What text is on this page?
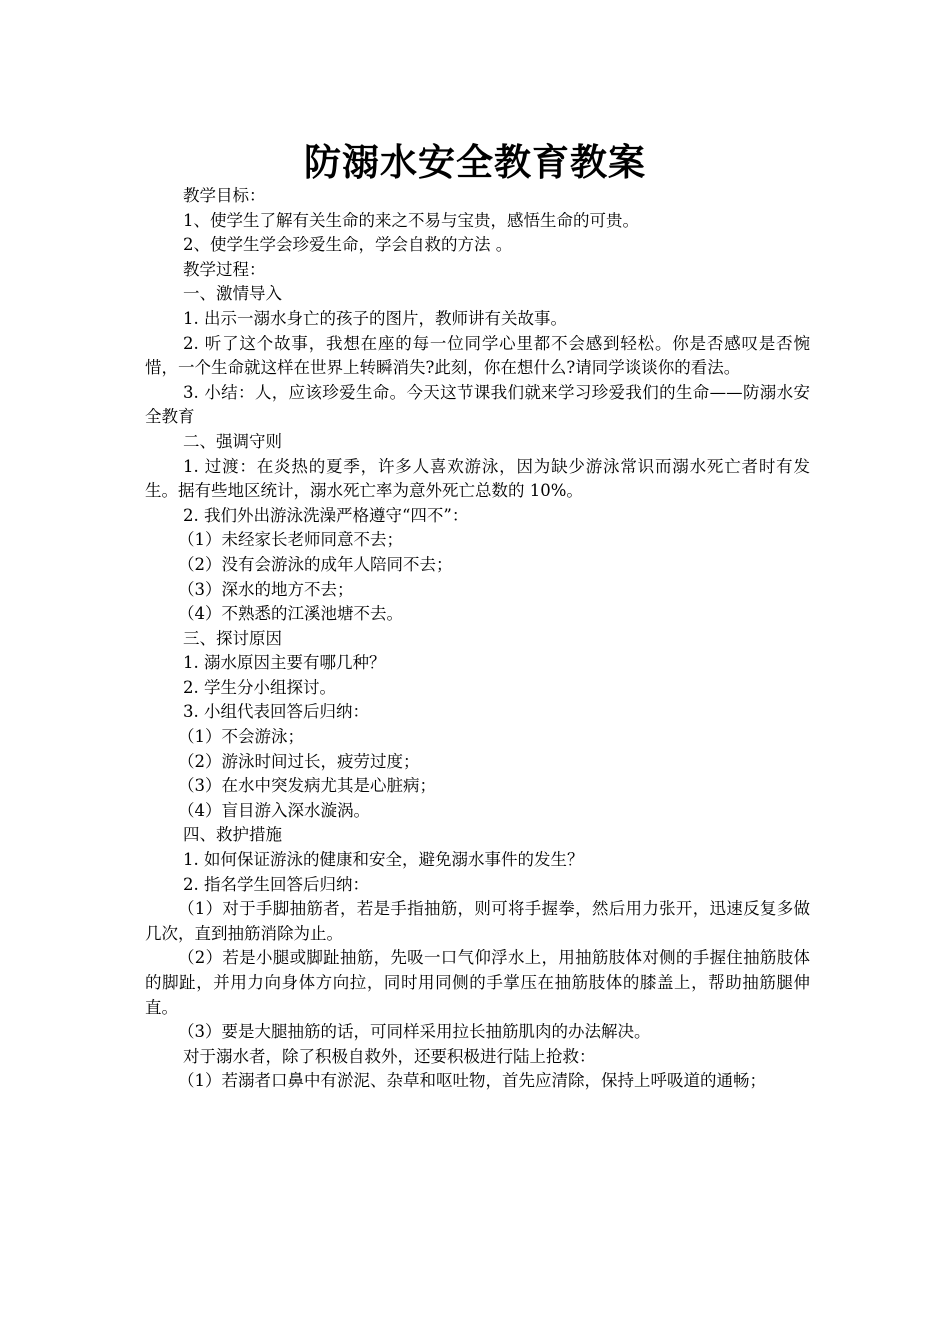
防溺水安全教育教案

教学目标：

1、使学生了解有关生命的来之不易与宝贵，感悟生命的可贵。

2、使学生学会珍爱生命，学会自救的方法 。

教学过程：

一、激情导入

1. 出示一溺水身亡的孩子的图片，教师讲有关故事。

2. 听了这个故事，我想在座的每一位同学心里都不会感到轻松。你是否感叹是否惋惜，一个生命就这样在世界上转瞬消失?此刻，你在想什么?请同学谈谈你的看法。

3. 小结：人，应该珍爱生命。今天这节课我们就来学习珍爱我们的生命——防溺水安全教育

二、强调守则

1. 过渡：在炎热的夏季，许多人喜欢游泳，因为缺少游泳常识而溺水死亡者时有发生。据有些地区统计，溺水死亡率为意外死亡总数的 10%。

2. 我们外出游泳洗澡严格遵守“四不”：

（1）未经家长老师同意不去；

（2）没有会游泳的成年人陪同不去；

（3）深水的地方不去；

（4）不熟悉的江溪池塘不去。

三、探讨原因

1. 溺水原因主要有哪几种？

2. 学生分小组探讨。

3. 小组代表回答后归纳：

（1）不会游泳；

（2）游泳时间过长，疲劳过度；

（3）在水中突发病尤其是心脏病；

（4）盲目游入深水漩涡。

四、救护措施

1. 如何保证游泳的健康和安全，避免溺水事件的发生？

2. 指名学生回答后归纳：

（1）对于手脚抽筋者，若是手指抽筋，则可将手握拳，然后用力张开，迅速反复多做几次，直到抽筋消除为止。

（2）若是小腿或脚趾抽筋，先吸一口气仰浮水上，用抽筋肢体对侧的手握住抽筋肢体的脚趾，并用力向身体方向拉，同时用同侧的手掌压在抽筋肢体的膝盖上，帮助抽筋腿伸直。

（3）要是大腿抽筋的话，可同样采用拉长抽筋肌肉的办法解决。

对于溺水者，除了积极自救外，还要积极进行陆上抢救：

（1）若溺者口鼻中有淤泥、杂草和呕吐物，首先应清除，保持上呼吸道的通畅；
